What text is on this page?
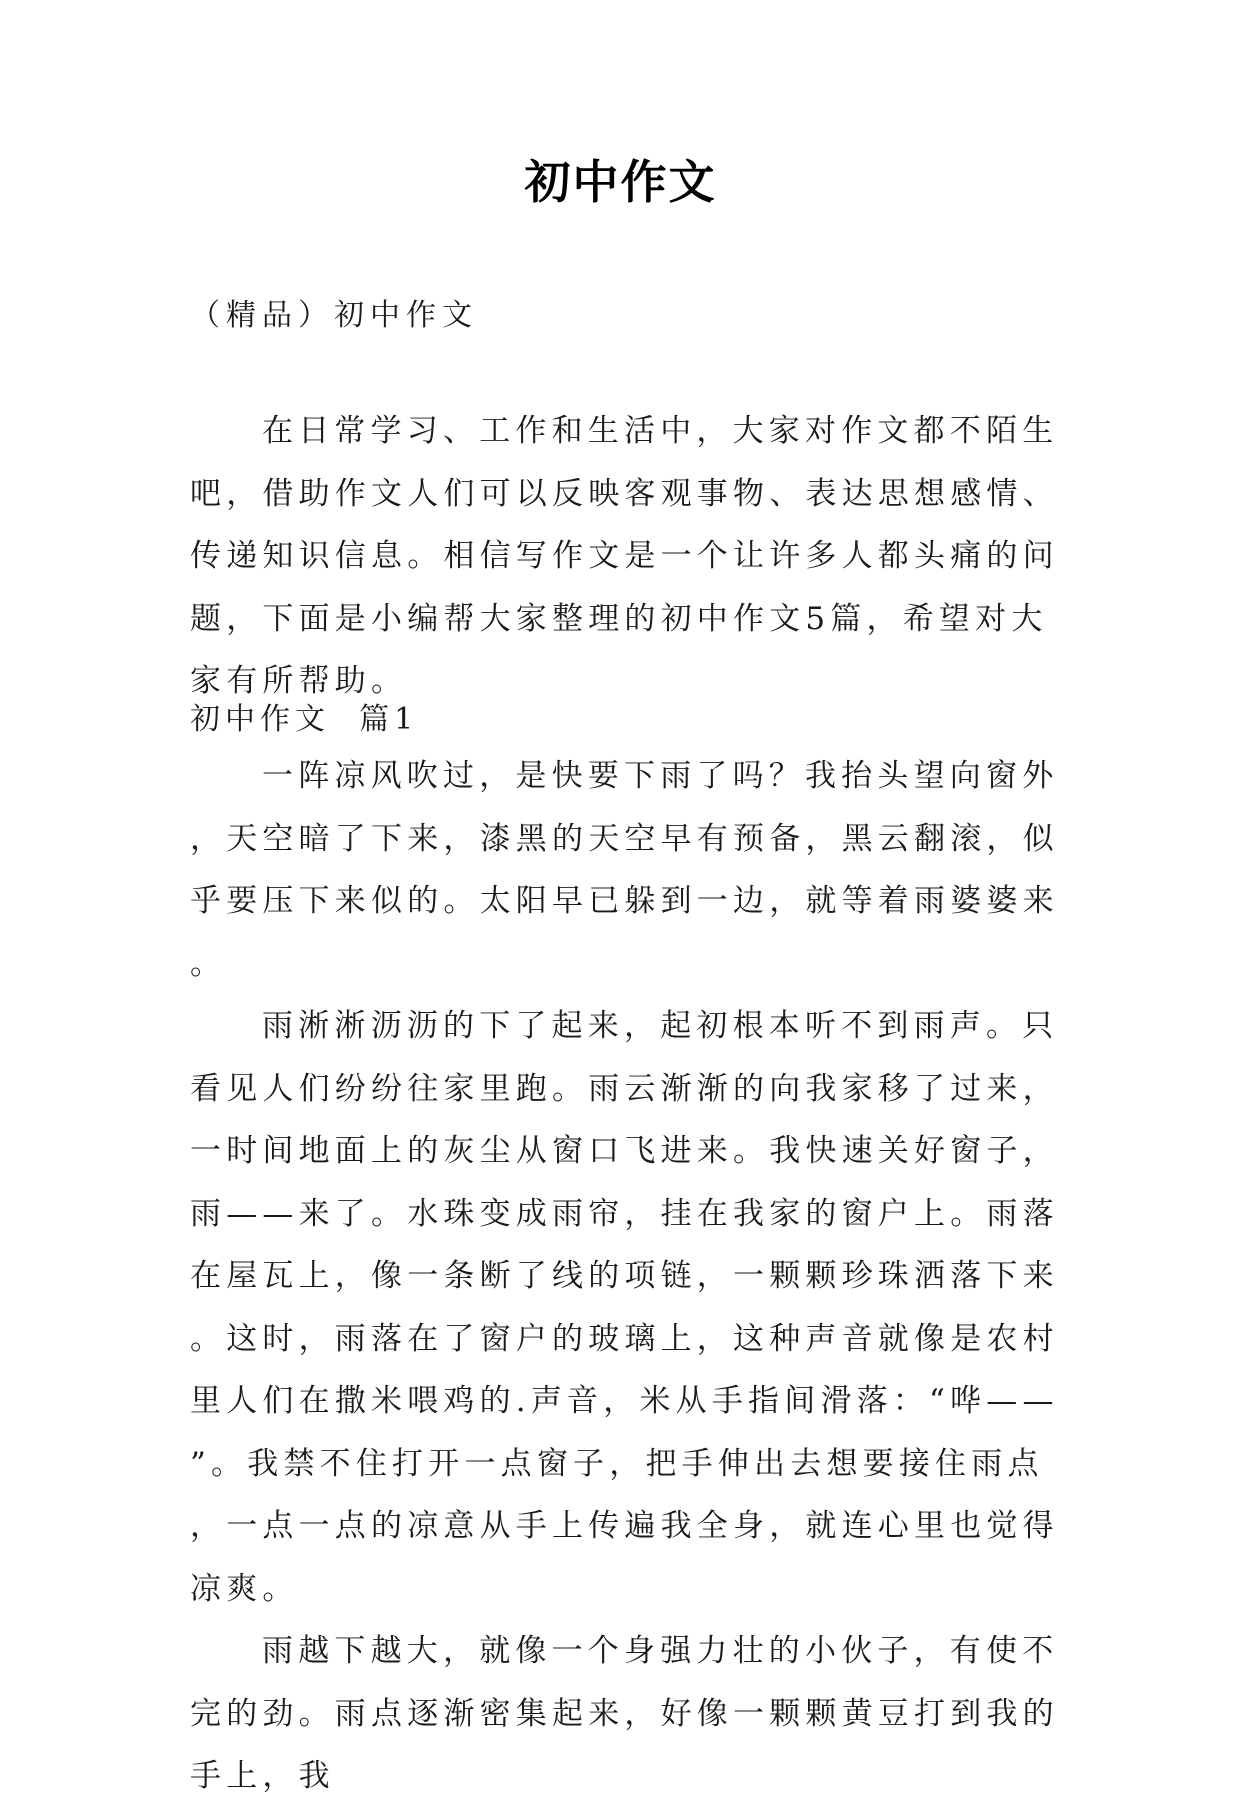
初中作文
（精品）初中作文

在日常学习、工作和生活中，大家对作文都不陌生吧，借助作文人们可以反映客观事物、表达思想感情、传递知识信息。相信写作文是一个让许多人都头痛的问题，下面是小编帮大家整理的初中作文5篇，希望对大家有所帮助。

初中作文  篇1

一阵凉风吹过，是快要下雨了吗？我抬头望向窗外，天空暗了下来，漆黑的天空早有预备，黑云翻滚，似乎要压下来似的。太阳早已躲到一边，就等着雨婆婆来。

雨淅淅沥沥的下了起来，起初根本听不到雨声。只看见人们纷纷往家里跑。雨云渐渐的向我家移了过来，一时间地面上的灰尘从窗口飞进来。我快速关好窗子，雨——来了。水珠变成雨帘，挂在我家的窗户上。雨落在屋瓦上，像一条断了线的项链，一颗颗珍珠洒落下来。这时，雨落在了窗户的玻璃上，这种声音就像是农村里人们在撒米喂鸡的.声音，米从手指间滑落：“哗——”。我禁不住打开一点窗子，把手伸出去想要接住雨点，一点一点的凉意从手上传遍我全身，就连心里也觉得凉爽。

雨越下越大，就像一个身强力壮的小伙子，有使不完的劲。雨点逐渐密集起来，好像一颗颗黄豆打到我的手上，我
